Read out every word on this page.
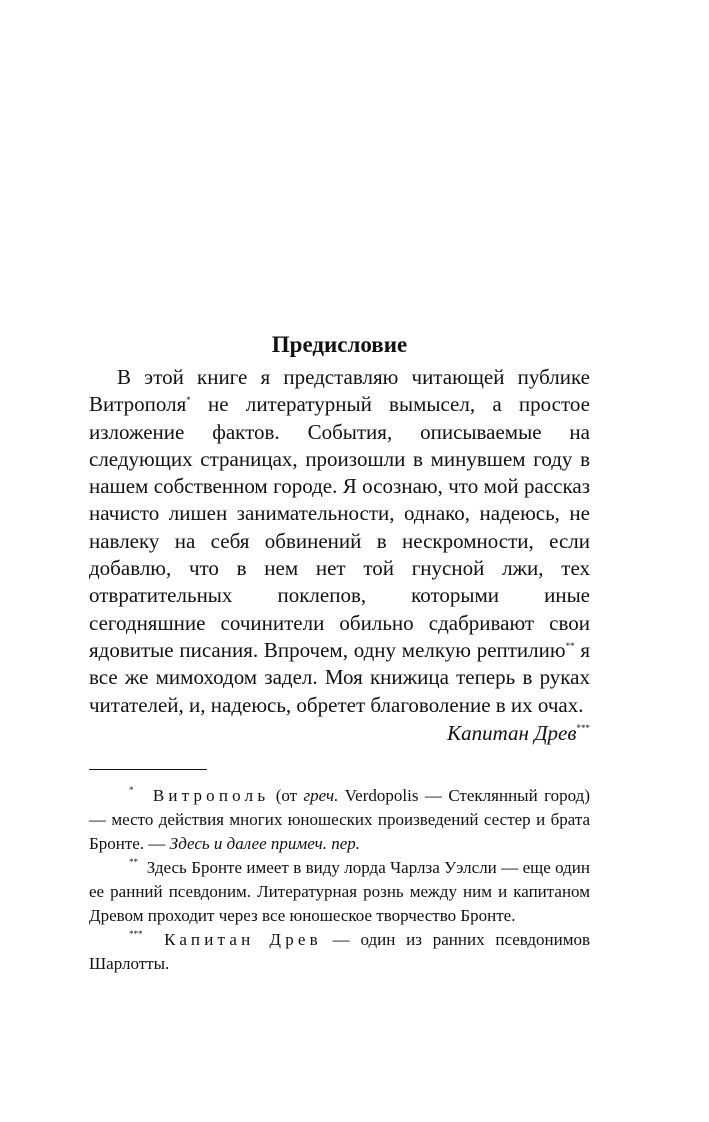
Предисловие

В этой книге я представляю читающей публике Витрополя* не литературный вымысел, а простое изложение фактов. События, описываемые на следующих страницах, произошли в минувшем году в нашем собственном городе. Я осознаю, что мой рассказ начисто лишен занимательности, однако, надеюсь, не навлеку на себя обвинений в нескромности, если добавлю, что в нем нет той гнусной лжи, тех отвратительных поклепов, которыми иные сегодняшние сочинители обильно сдабривают свои ядовитые писания. Впрочем, одну мелкую рептилию** я все же мимоходом задел. Моя книжица теперь в руках читателей, и, надеюсь, обретет благоволение в их очах.

Капитан Древ***

* Витрополь (от греч. Verdopolis — Стеклянный город) — место действия многих юношеских произведений сестер и брата Бронте. — Здесь и далее примеч. пер.

** Здесь Бронте имеет в виду лорда Чарлза Уэлсли — еще один ее ранний псевдоним. Литературная рознь между ним и капитаном Древом проходит через все юношеское творчество Бронте.

*** Капитан Древ — один из ранних псевдонимов Шарлотты.
